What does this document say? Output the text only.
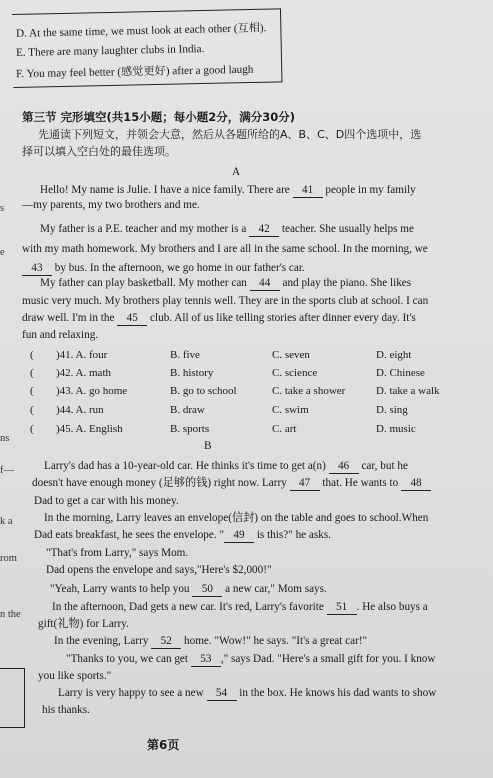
D. At the same time, we must look at each other (互相).
E. There are many laughter clubs in India.
F. You may feel better (感觉更好) after a good laugh
第三节 完形填空(共15小题；每小题2分，满分30分)
先通读下列短文，并领会大意，然后从各题所给的A、B、C、D四个选项中，选
择可以填入空白处的最佳选项。
A
Hello! My name is Julie. I have a nice family. There are 41 people in my family
—my parents, my two brothers and me.
My father is a P.E. teacher and my mother is a 42 teacher. She usually helps me
with my math homework. My brothers and I are all in the same school. In the morning, we
43 by bus. In the afternoon, we go home in our father's car.
My father can play basketball. My mother can 44 and play the piano. She likes
music very much. My brothers play tennis well. They are in the sports club at school. I can
draw well. I'm in the 45 club. All of us like telling stories after dinner every day. It's
fun and relaxing.
( )41. A. four	B. five	C. seven	D. eight
( )42. A. math	B. history	C. science	D. Chinese
( )43. A. go home	B. go to school	C. take a shower	D. take a walk
( )44. A. run	B. draw	C. swim	D. sing
( )45. A. English	B. sports	C. art	D. music
B
Larry's dad has a 10-year-old car. He thinks it's time to get a(n) 46 car, but he
doesn't have enough money (足够的钱) right now. Larry 47 that. He wants to 48
Dad to get a car with his money.
In the morning, Larry leaves an envelope(信封) on the table and goes to school.When
Dad eats breakfast, he sees the envelope. " 49 is this?" he asks.
"That's from Larry," says Mom.
Dad opens the envelope and says,"Here's $2,000!"
"Yeah, Larry wants to help you 50 a new car," Mom says.
In the afternoon, Dad gets a new car. It's red, Larry's favorite 51 . He also buys a
gift(礼物) for Larry.
In the evening, Larry 52 home. "Wow!" he says. "It's a great car!"
"Thanks to you, we can get 53 ," says Dad. "Here's a small gift for you. I know
you like sports."
Larry is very happy to see a new 54 in the box. He knows his dad wants to show
his thanks.
s
e
ns
f—
k a
rom
n the
第6页
